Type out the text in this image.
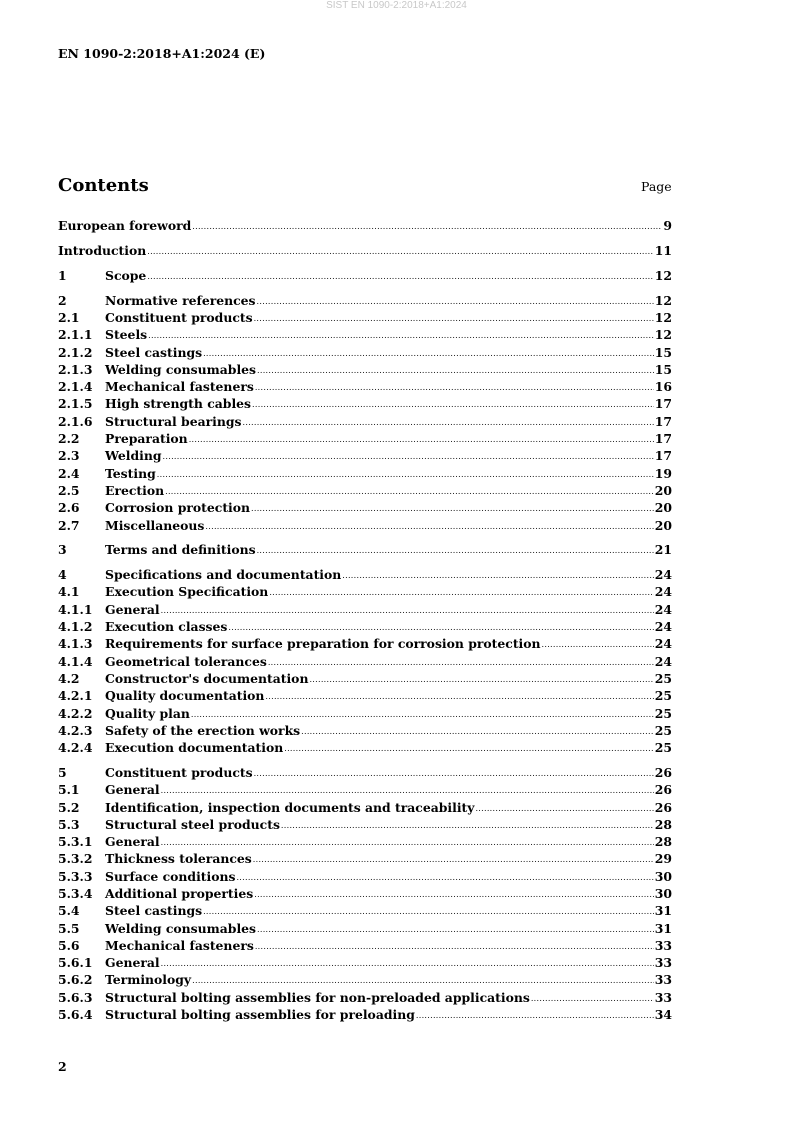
SIST EN 1090-2:2018+A1:2024
EN 1090-2:2018+A1:2024 (E)
Contents	Page
European foreword .....	9
Introduction .....	11
1	Scope .....	12
2	Normative references .....	12
2.1	Constituent products .....	12
2.1.1	Steels .....	12
2.1.2	Steel castings .....	15
2.1.3	Welding consumables .....	15
2.1.4	Mechanical fasteners .....	16
2.1.5	High strength cables .....	17
2.1.6	Structural bearings .....	17
2.2	Preparation .....	17
2.3	Welding .....	17
2.4	Testing .....	19
2.5	Erection .....	20
2.6	Corrosion protection .....	20
2.7	Miscellaneous .....	20
3	Terms and definitions .....	21
4	Specifications and documentation .....	24
4.1	Execution Specification .....	24
4.1.1	General .....	24
4.1.2	Execution classes .....	24
4.1.3	Requirements for surface preparation for corrosion protection .....	24
4.1.4	Geometrical tolerances .....	24
4.2	Constructor's documentation .....	25
4.2.1	Quality documentation .....	25
4.2.2	Quality plan .....	25
4.2.3	Safety of the erection works .....	25
4.2.4	Execution documentation .....	25
5	Constituent products .....	26
5.1	General .....	26
5.2	Identification, inspection documents and traceability .....	26
5.3	Structural steel products .....	28
5.3.1	General .....	28
5.3.2	Thickness tolerances .....	29
5.3.3	Surface conditions .....	30
5.3.4	Additional properties .....	30
5.4	Steel castings .....	31
5.5	Welding consumables .....	31
5.6	Mechanical fasteners .....	33
5.6.1	General .....	33
5.6.2	Terminology .....	33
5.6.3	Structural bolting assemblies for non-preloaded applications .....	33
5.6.4	Structural bolting assemblies for preloading .....	34
2
